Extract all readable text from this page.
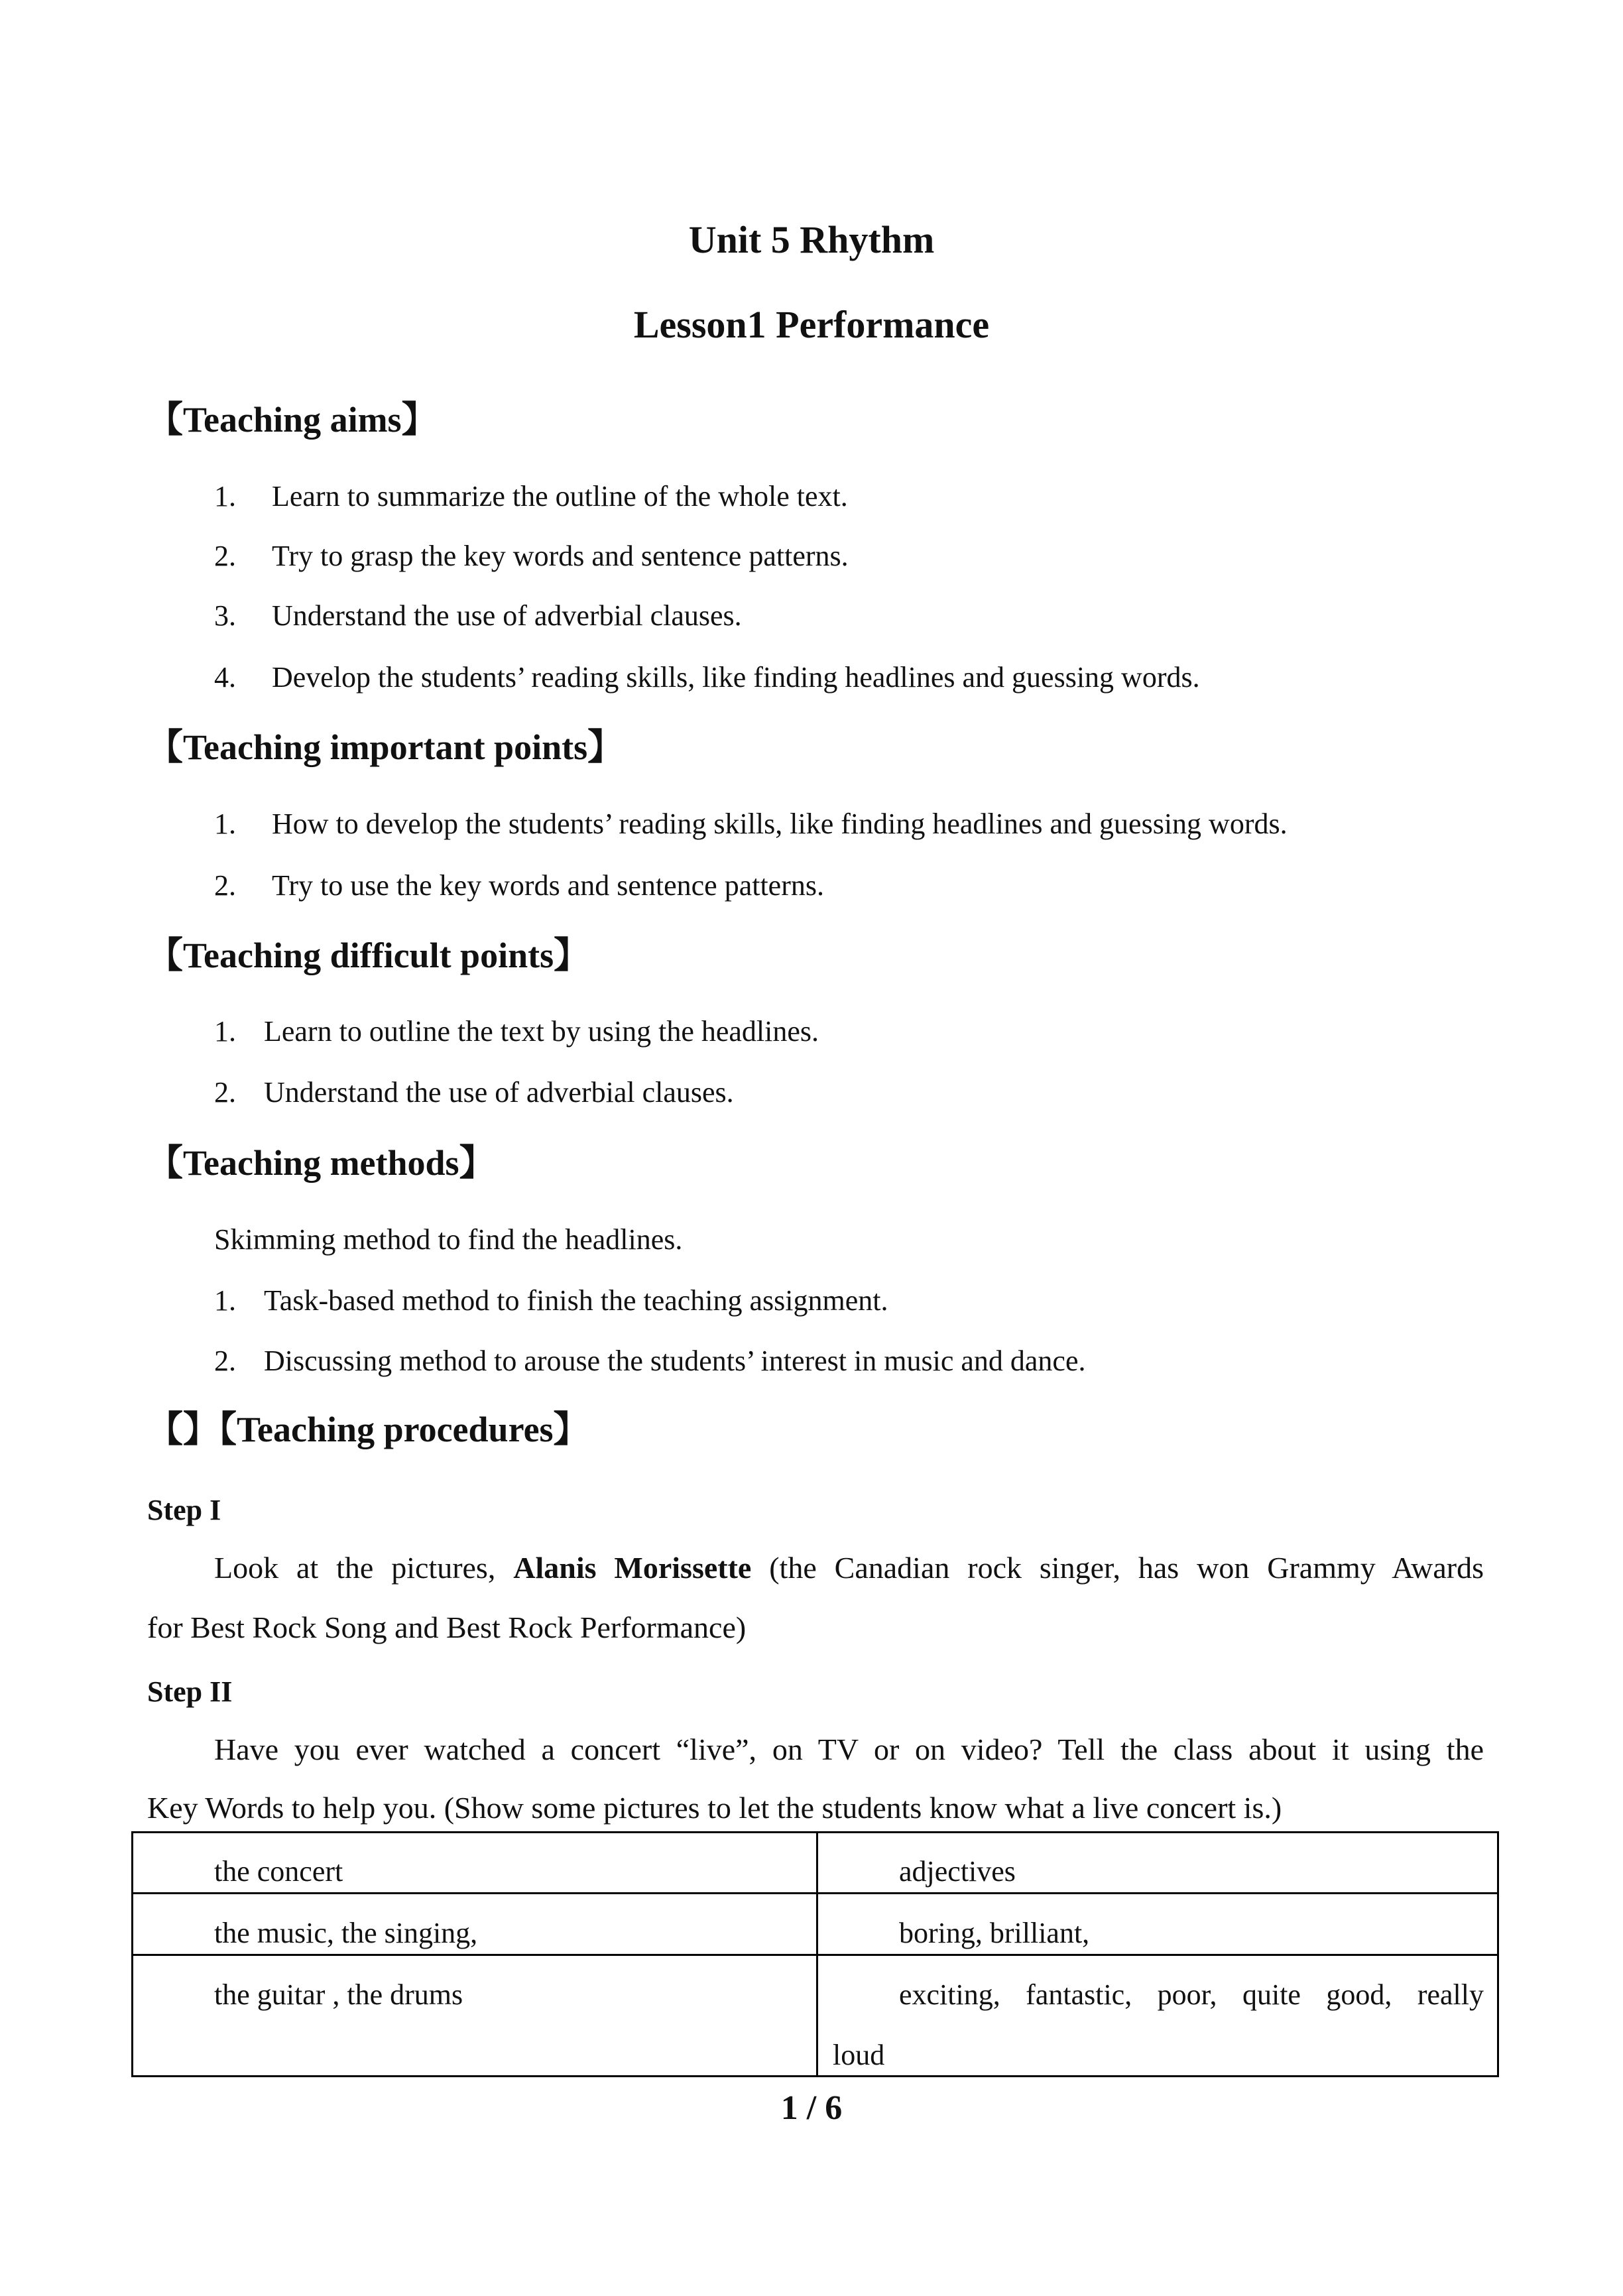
Unit 5 Rhythm
Lesson1 Performance
【Teaching aims】
1. Learn to summarize the outline of the whole text.
2. Try to grasp the key words and sentence patterns.
3. Understand the use of adverbial clauses.
4. Develop the students’ reading skills, like finding headlines and guessing words.
【Teaching important points】
1. How to develop the students’ reading skills, like finding headlines and guessing words.
2. Try to use the key words and sentence patterns.
【Teaching difficult points】
1. Learn to outline the text by using the headlines.
2. Understand the use of adverbial clauses.
【Teaching methods】
Skimming method to find the headlines.
1. Task-based method to finish the teaching assignment.
2. Discussing method to arouse the students’ interest in music and dance.
【】【Teaching procedures】
Step I
Look at the pictures, Alanis Morissette (the Canadian rock singer, has won Grammy Awards
for Best Rock Song and Best Rock Performance)
Step II
Have you ever watched a concert “live”, on TV or on video? Tell the class about it using the
Key Words to help you. (Show some pictures to let the students know what a live concert is.)
the concert	adjectives

the music, the singing,	boring, brilliant,

the guitar , the drums	exciting, fantastic, poor, quite good, really
loud
1 / 6
